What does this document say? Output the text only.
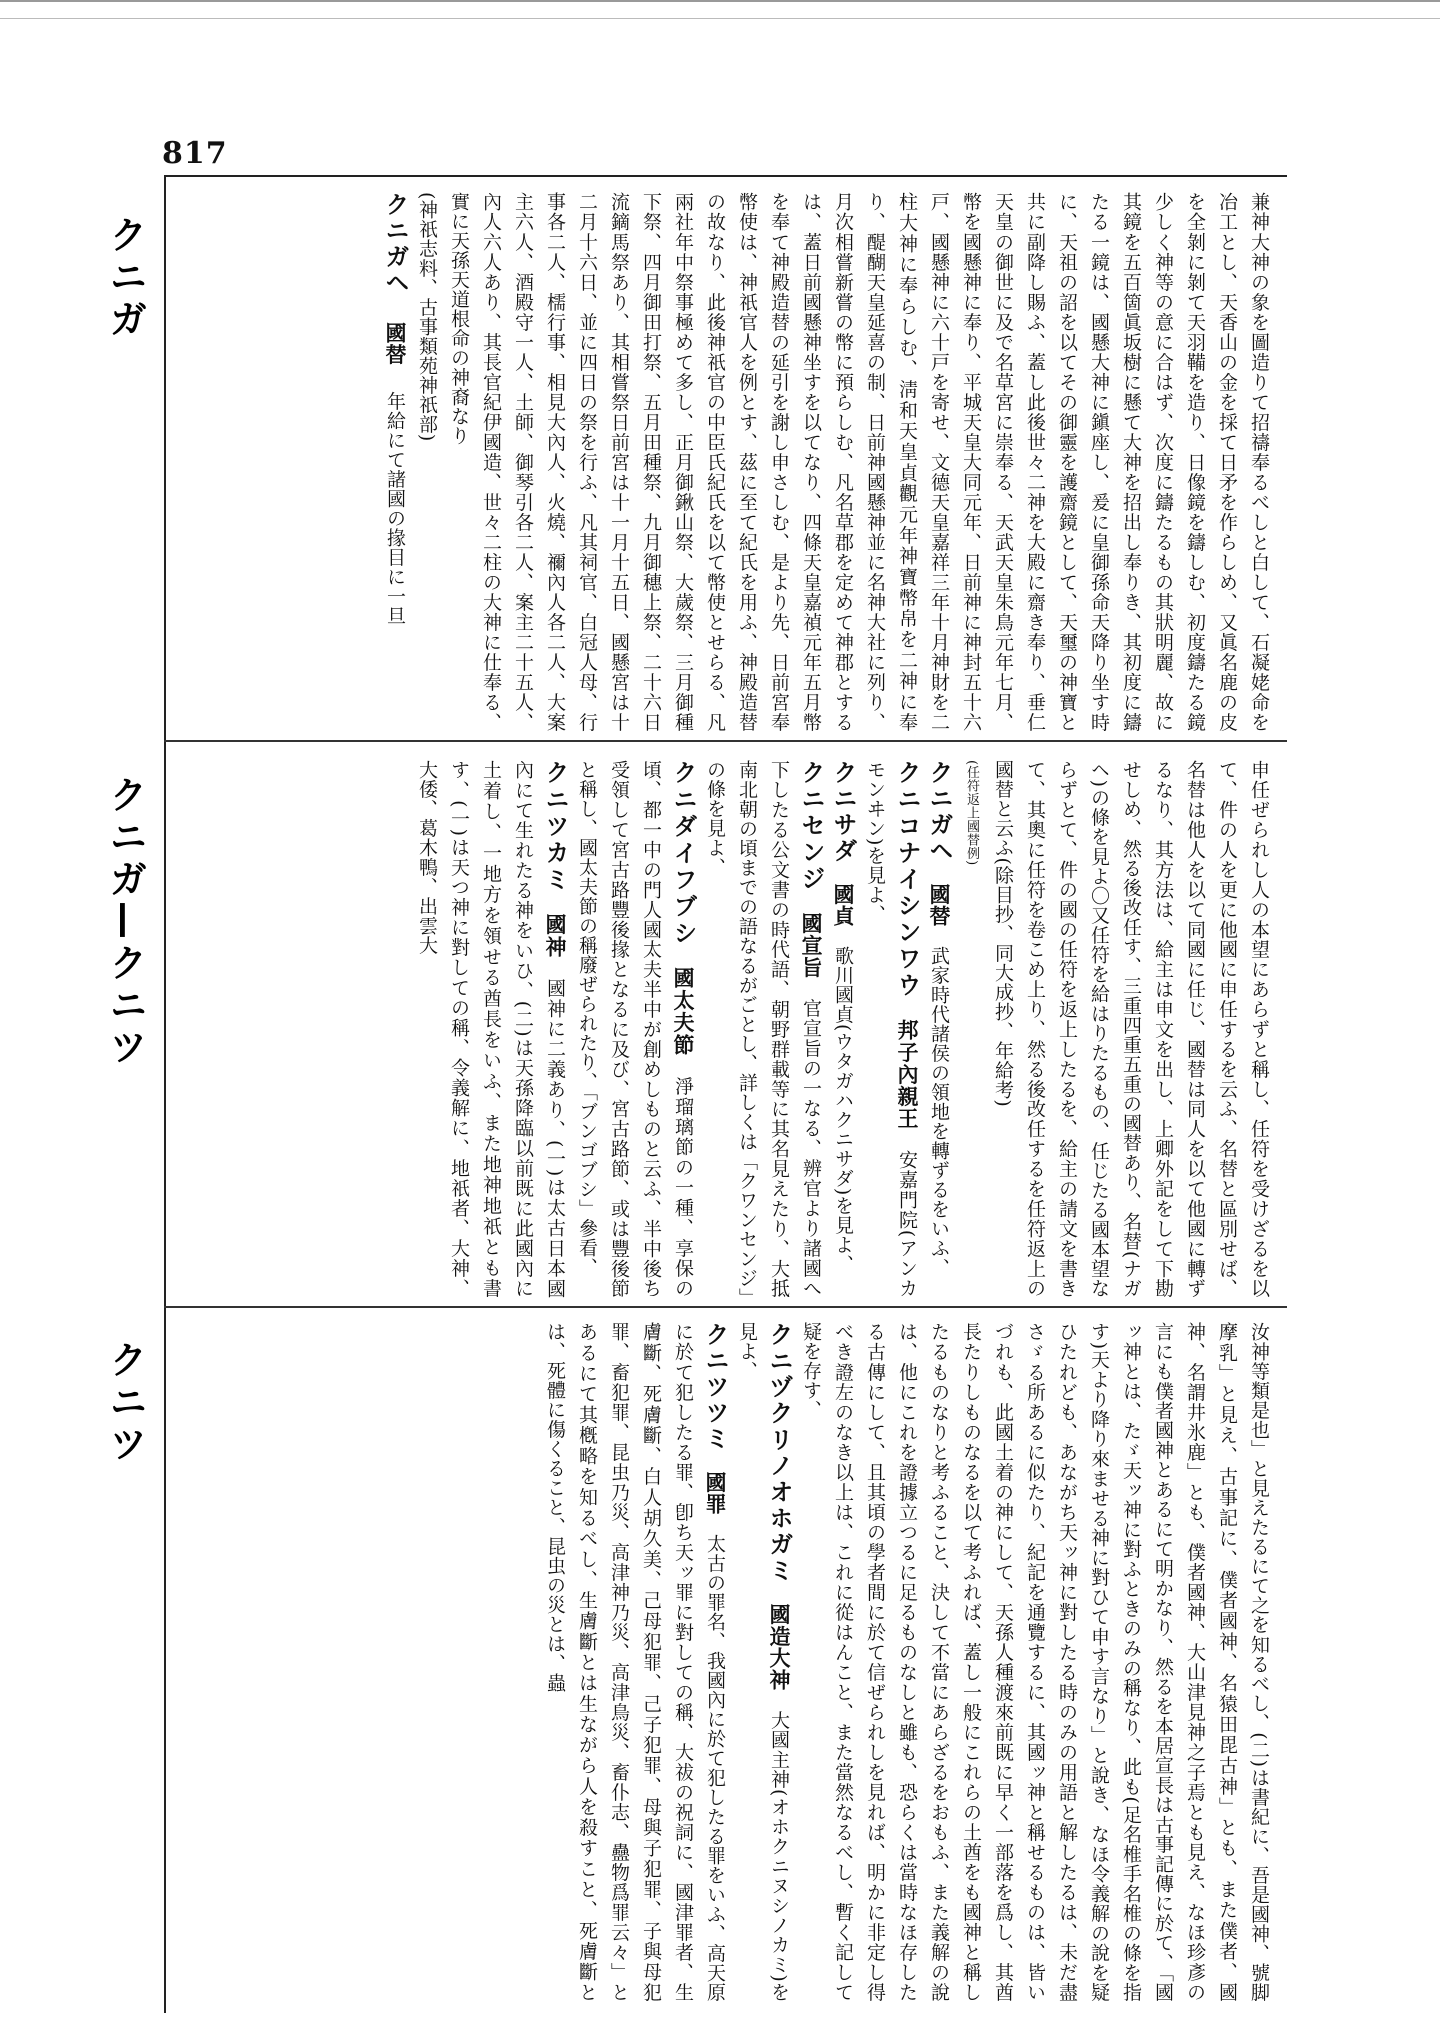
817
クニガ
クニガ—クニツ
クニツ

兼神大神の象を圖造りて招禱奉るべしと白して、石凝姥命を冶工とし、天香山の金を採て日矛を作らしめ、又眞名鹿の皮を全剝に剝て天羽鞴を造り、日像鏡を鑄しむ、初度鑄たる鏡少しく神等の意に合はず、次度に鑄たるもの其狀明麗、故に其鏡を五百箇眞坂樹に懸て大神を招出し奉りき、其初度に鑄たる一鏡は、國懸大神に鎭座し、爰に皇御孫命天降り坐す時に、天祖の詔を以てその御靈を護齋鏡として、天璽の神寶と共に副降し賜ふ、蓋し此後世々二神を大殿に齋き奉り、垂仁天皇の御世に及で名草宮に崇奉る、天武天皇朱鳥元年七月、幣を國懸神に奉り、平城天皇大同元年、日前神に神封五十六戸、國懸神に六十戸を寄せ、文德天皇嘉祥三年十月神財を二柱大神に奉らしむ、淸和天皇貞觀元年神寶幣帛を二神に奉り、醍醐天皇延喜の制、日前神國懸神並に名神大社に列り、月次相嘗新嘗の幣に預らしむ、凡名草郡を定めて神郡とするは、蓋日前國懸神坐すを以てなり、四條天皇嘉禎元年五月幣を奉て神殿造替の延引を謝し申さしむ、是より先、日前宮奉幣使は、神祇官人を例とす、茲に至て紀氏を用ふ、神殿造替の故なり、此後神祇官の中臣氏紀氏を以て幣使とせらる、凡兩社年中祭事極めて多し、正月御鍬山祭、大歲祭、三月御種下祭、四月御田打祭、五月田種祭、九月御穗上祭、二十六日流鏑馬祭あり、其相嘗祭日前宮は十一月十五日、國懸宮は十二月十六日、並に四日の祭を行ふ、凡其祠官、白冠人母、行事各二人、檽行事、相見大內人、火燒、禰內人各二人、大案主六人、酒殿守一人、土師、御琴引各二人、案主二十五人、內人六人あり、其長官紀伊國造、世々二柱の大神に仕奉る、實に天孫天道根命の神裔なり

(神祇志料、古事類苑神祇部)

クニガヘ　 國替　 年給にて諸國の掾目に一旦

申任ぜられし人の本望にあらずと稱し、任符を受けざるを以て、件の人を更に他國に申任するを云ふ、名替と區別せば、名替は他人を以て同國に任じ、國替は同人を以て他國に轉ずるなり、其方法は、給主は申文を出し、上卿外記をして下勘せしめ、然る後改任す、三重四重五重の國替あり、名替(ナガヘ)の條を見よ〇又任符を給はりたるもの、任じたる國本望ならずとて、件の國の任符を返上したるを、給主の請文を書きて、其奧に任符を卷こめ上り、然る後改任するを任符返上の國替と云ふ(除目抄、同大成抄、年給考)

(任符返上國替例)

クニガヘ　國替　武家時代諸侯の領地を轉ずるをいふ、

クニコナイシンワウ　邦子內親王　安嘉門院(アンカモンヰン)を見よ、

クニサダ　國貞　歌川國貞(ウタガハクニサダ)を見よ、

クニセンジ　國宣旨　官宣旨の一なる、辨官より諸國へ下したる公文書の時代語、朝野群載等に其名見えたり、大抵南北朝の頃までの語なるがごとし、詳しくは「クワンセンジ」の條を見よ、

クニダイフブシ　國太夫節　淨瑠璃節の一種、享保の頃、都一中の門人國太夫半中が創めしものと云ふ、半中後ち受領して宮古路豐後掾となるに及び、宮古路節、或は豐後節と稱し、國太夫節の稱廢ぜられたり、「ブンゴブシ」參看、

クニツカミ　國神　國神に二義あり、(一)は太古日本國內にて生れたる神をいひ、(二)は天孫降臨以前既に此國內に土着し、一地方を領せる酋長をいふ、また地神地祇とも書す、(一)は天つ神に對しての稱、令義解に、地祇者、大神、大倭、葛木鴨、出雲大

汝神等類是也」と見えたるにて之を知るべし、(二)は書紀に、吾是國神、號脚摩乳」と見え、古事記に、僕者國神、名猿田毘古神」とも、また僕者、國神、名謂井氷鹿」とも、僕者國神、大山津見神之子焉とも見え、なほ珍彥の言にも僕者國神とあるにて明かなり、然るを本居宣長は古事記傳に於て、「國ッ神とは、たゞ天ッ神に對ふときのみの稱なり、此も(足名椎手名椎の條を指す)天より降り來ませる神に對ひて申す言なり」と說き、なほ令義解の說を疑ひたれども、あながち天ッ神に對したる時のみの用語と解したるは、未だ盡さゞる所あるに似たり、紀記を通覽するに、其國ッ神と稱せるものは、皆いづれも、此國土着の神にして、天孫人種渡來前既に早く一部落を爲し、其酋長たりしものなるを以て考ふれば、蓋し一般にこれらの土酋をも國神と稱したるものなりと考ふること、決して不當にあらざるをおもふ、また義解の說は、他にこれを證據立つるに足るものなしと雖も、恐らくは當時なほ存したる古傳にして、且其頃の學者間に於て信ぜられしを見れば、明かに非定し得べき證左のなき以上は、これに從はんこと、また當然なるべし、暫く記して疑を存す、

クニヅクリノオホガミ　國造大神　大國主神(オホクニヌシノカミ)を見よ、

クニツツミ　國罪　太古の罪名、我國內に於て犯したる罪をいふ、高天原に於て犯したる罪、卽ち天ッ罪に對しての稱、大祓の祝詞に、國津罪者、生膚斷、死膚斷、白人胡久美、己母犯罪、己子犯罪、母與子犯罪、子與母犯罪、畜犯罪、昆虫乃災、高津神乃災、高津鳥災、畜仆志、蠱物爲罪云々」とあるにて其槪略を知るべし、生膚斷とは生ながら人を殺すこと、死膚斷とは、死體に傷くること、昆虫の災とは、蟲
